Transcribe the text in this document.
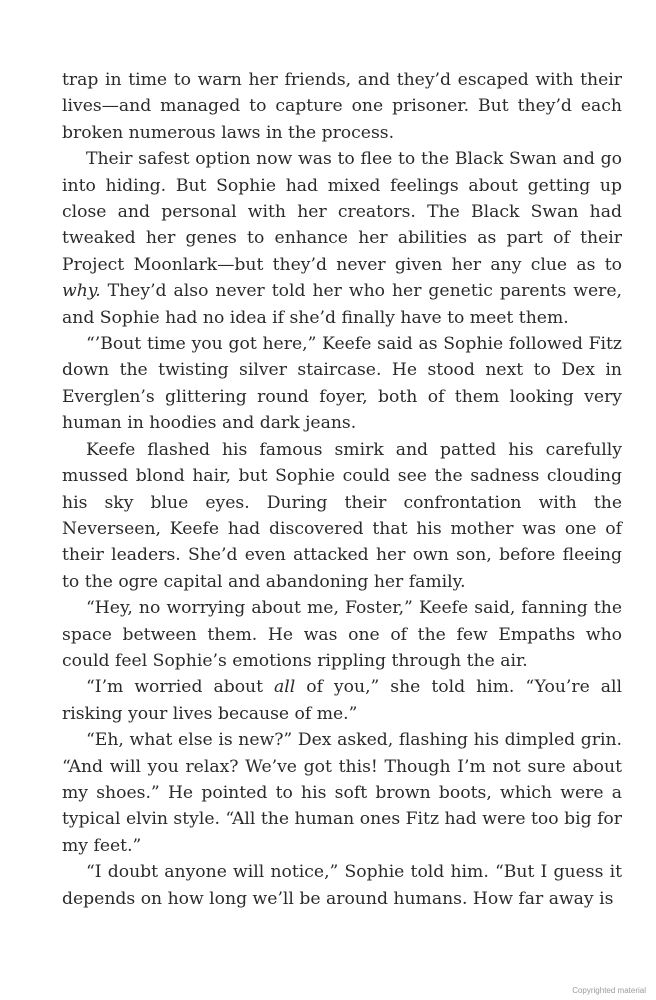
trap in time to warn her friends, and they’d escaped with their lives—and managed to capture one prisoner. But they’d each broken numerous laws in the process.

Their safest option now was to flee to the Black Swan and go into hiding. But Sophie had mixed feelings about getting up close and personal with her creators. The Black Swan had tweaked her genes to enhance her abilities as part of their Project Moonlark—but they’d never given her any clue as to why. They’d also never told her who her genetic parents were, and Sophie had no idea if she’d finally have to meet them.

“’Bout time you got here,” Keefe said as Sophie followed Fitz down the twisting silver staircase. He stood next to Dex in Everglen’s glittering round foyer, both of them looking very human in hoodies and dark jeans.

Keefe flashed his famous smirk and patted his carefully mussed blond hair, but Sophie could see the sadness clouding his sky blue eyes. During their confrontation with the Neverseen, Keefe had discovered that his mother was one of their leaders. She’d even attacked her own son, before fleeing to the ogre capital and abandoning her family.

“Hey, no worrying about me, Foster,” Keefe said, fanning the space between them. He was one of the few Empaths who could feel Sophie’s emotions rippling through the air.

“I’m worried about all of you,” she told him. “You’re all risking your lives because of me.”

“Eh, what else is new?” Dex asked, flashing his dimpled grin. “And will you relax? We’ve got this! Though I’m not sure about my shoes.” He pointed to his soft brown boots, which were a typical elvin style. “All the human ones Fitz had were too big for my feet.”

“I doubt anyone will notice,” Sophie told him. “But I guess it depends on how long we’ll be around humans. How far away is

Copyrighted material
